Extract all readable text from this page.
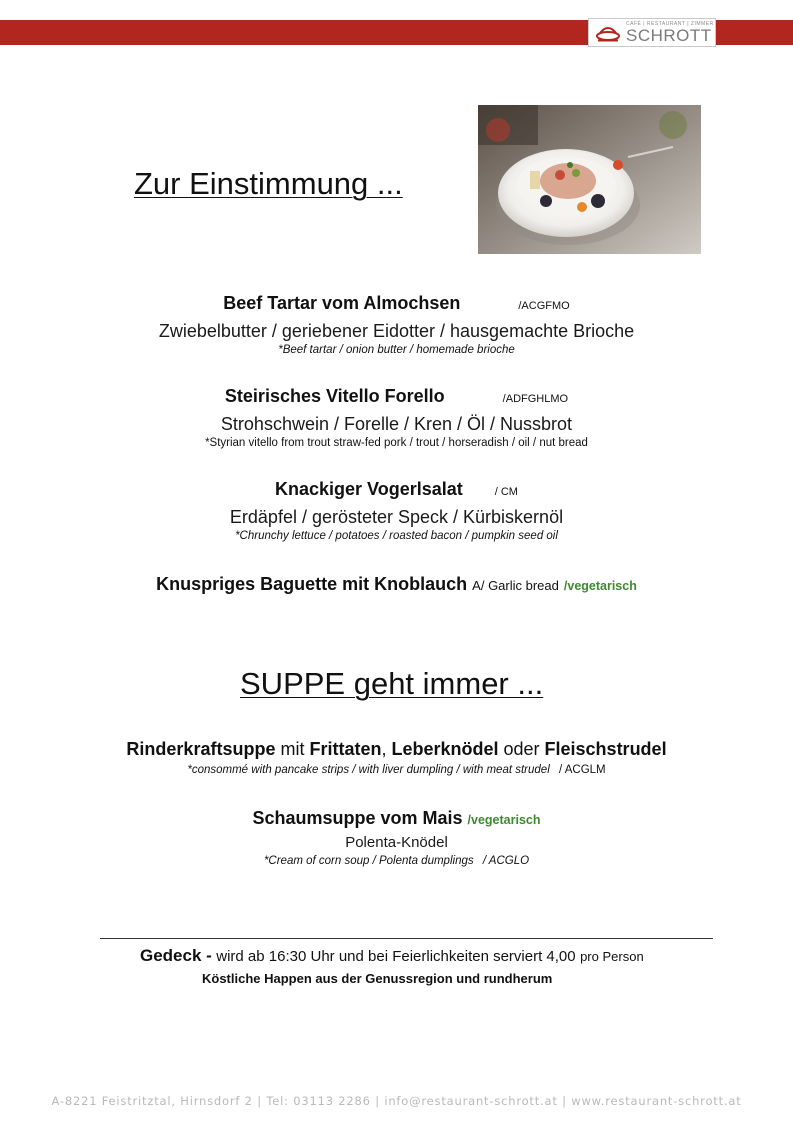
CAFÉ | RESTAURANT | ZIMMER
SCHROTT
Zur Einstimmung ...
Beef Tartar vom Almochsen	/ACGFMO
Zwiebelbutter / geriebener Eidotter / hausgemachte Brioche
*Beef tartar / onion butter / homemade brioche
Steirisches Vitello Forello	/ADFGHLMO
Strohschwein / Forelle / Kren / Öl / Nussbrot
*Styrian vitello from trout straw-fed pork / trout / horseradish / oil / nut bread
Knackiger Vogerlsalat	/ CM
Erdäpfel / gerösteter Speck / Kürbiskernöl
*Chrunchy lettuce / potatoes / roasted bacon / pumpkin seed oil
Knuspriges Baguette mit Knoblauch A/ Garlic bread /vegetarisch
SUPPE geht immer ...
Rinderkraftsuppe mit Frittaten, Leberknödel oder Fleischstrudel
*consommé with pancake strips / with liver dumpling / with meat strudel / ACGLM
Schaumsuppe vom Mais /vegetarisch
Polenta-Knödel
*Cream of corn soup / Polenta dumplings / ACGLO
Gedeck - wird ab 16:30 Uhr und bei Feierlichkeiten serviert 4,00 pro Person
Köstliche Happen aus der Genussregion und rundherum
A-8221 Feistritztal, Hirnsdorf 2 | Tel: 03113 2286 | info@restaurant-schrott.at | www.restaurant-schrott.at
